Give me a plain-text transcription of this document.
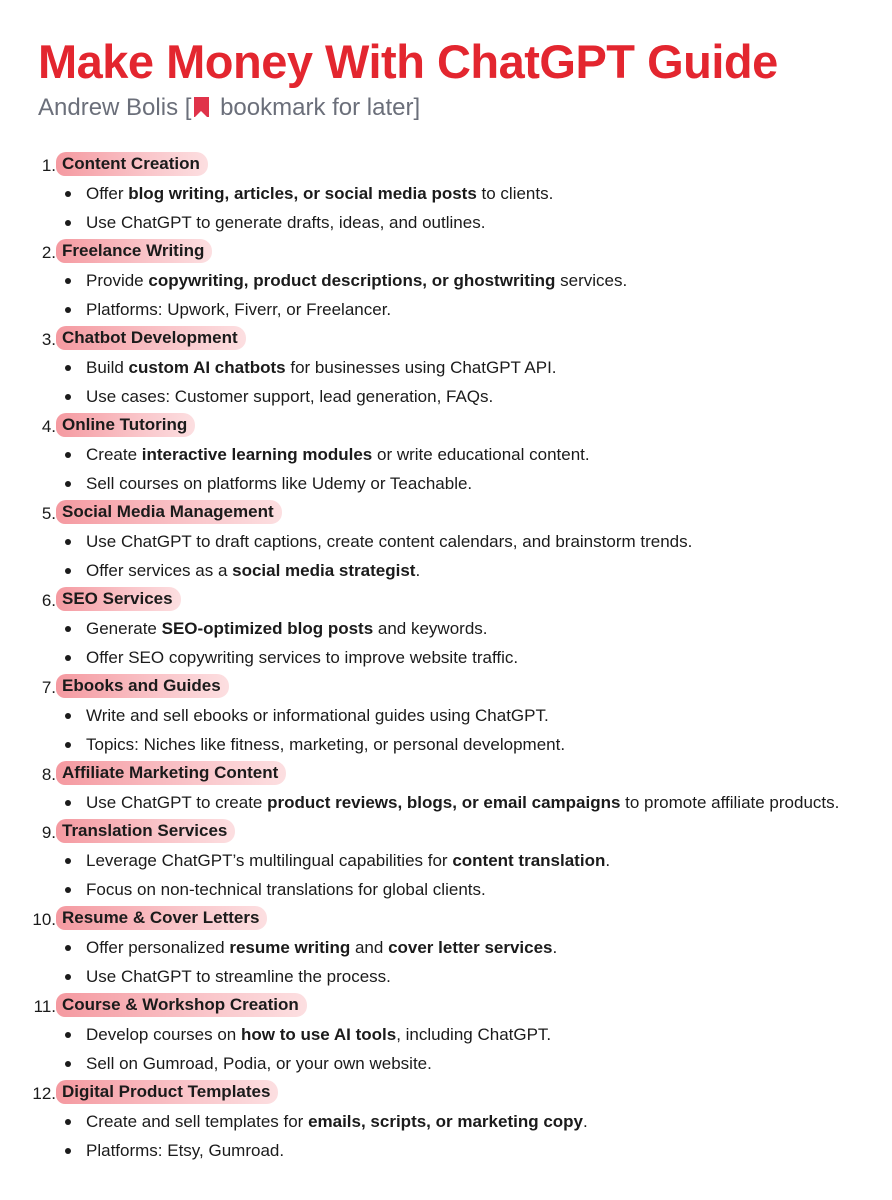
Make Money With ChatGPT Guide
Andrew Bolis [ bookmark for later]
1. Content Creation
Offer blog writing, articles, or social media posts to clients.
Use ChatGPT to generate drafts, ideas, and outlines.
2. Freelance Writing
Provide copywriting, product descriptions, or ghostwriting services.
Platforms: Upwork, Fiverr, or Freelancer.
3. Chatbot Development
Build custom AI chatbots for businesses using ChatGPT API.
Use cases: Customer support, lead generation, FAQs.
4. Online Tutoring
Create interactive learning modules or write educational content.
Sell courses on platforms like Udemy or Teachable.
5. Social Media Management
Use ChatGPT to draft captions, create content calendars, and brainstorm trends.
Offer services as a social media strategist.
6. SEO Services
Generate SEO-optimized blog posts and keywords.
Offer SEO copywriting services to improve website traffic.
7. Ebooks and Guides
Write and sell ebooks or informational guides using ChatGPT.
Topics: Niches like fitness, marketing, or personal development.
8. Affiliate Marketing Content
Use ChatGPT to create product reviews, blogs, or email campaigns to promote affiliate products.
9. Translation Services
Leverage ChatGPT’s multilingual capabilities for content translation.
Focus on non-technical translations for global clients.
10. Resume & Cover Letters
Offer personalized resume writing and cover letter services.
Use ChatGPT to streamline the process.
11. Course & Workshop Creation
Develop courses on how to use AI tools, including ChatGPT.
Sell on Gumroad, Podia, or your own website.
12. Digital Product Templates
Create and sell templates for emails, scripts, or marketing copy.
Platforms: Etsy, Gumroad.
